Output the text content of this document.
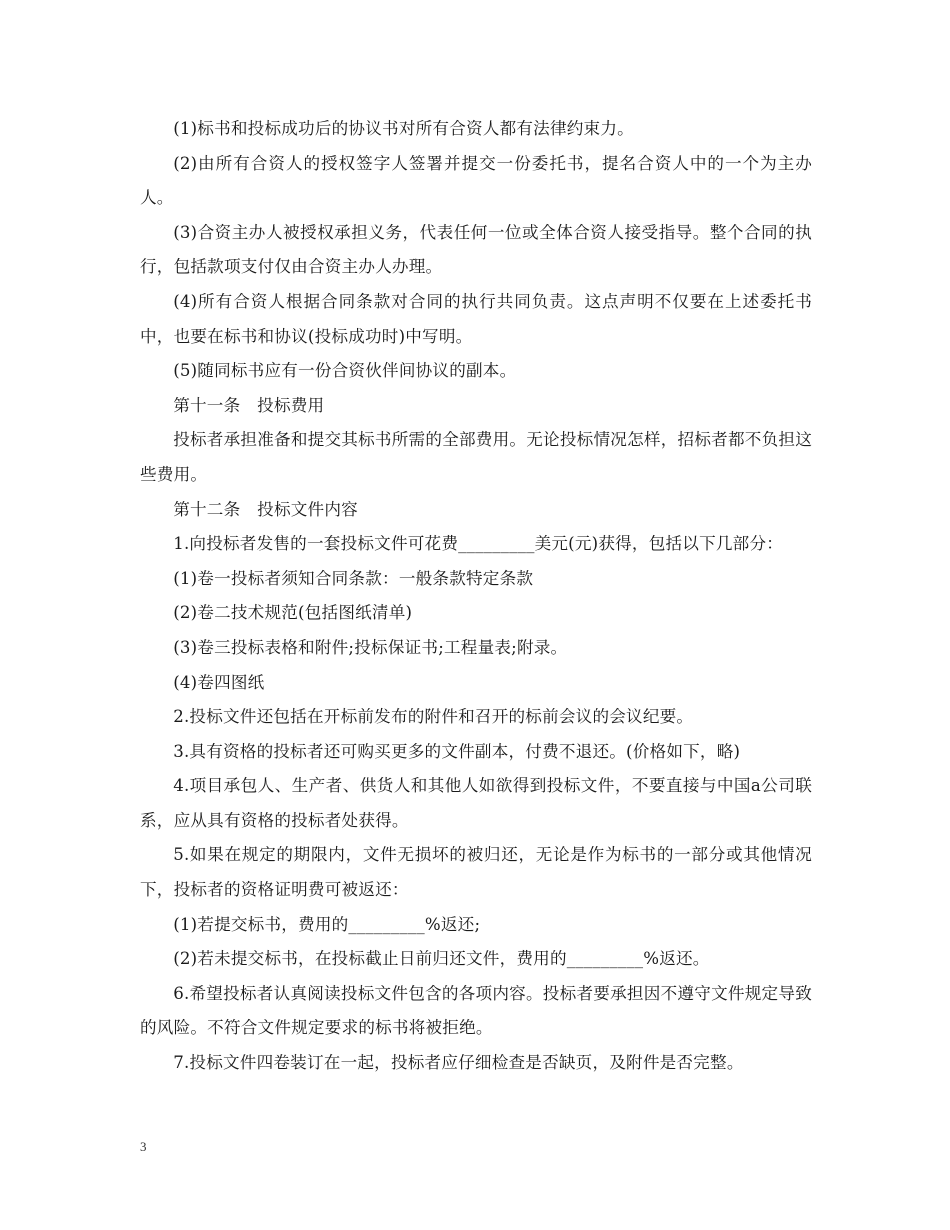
(1)标书和投标成功后的协议书对所有合资人都有法律约束力。

(2)由所有合资人的授权签字人签署并提交一份委托书，提名合资人中的一个为主办人。

(3)合资主办人被授权承担义务，代表任何一位或全体合资人接受指导。整个合同的执行，包括款项支付仅由合资主办人办理。

(4)所有合资人根据合同条款对合同的执行共同负责。这点声明不仅要在上述委托书中，也要在标书和协议(投标成功时)中写明。

(5)随同标书应有一份合资伙伴间协议的副本。

第十一条　投标费用

投标者承担准备和提交其标书所需的全部费用。无论投标情况怎样，招标者都不负担这些费用。

第十二条　投标文件内容

1.向投标者发售的一套投标文件可花费_________美元(元)获得，包括以下几部分：

(1)卷一投标者须知合同条款：一般条款特定条款

(2)卷二技术规范(包括图纸清单)

(3)卷三投标表格和附件;投标保证书;工程量表;附录。

(4)卷四图纸

2.投标文件还包括在开标前发布的附件和召开的标前会议的会议纪要。

3.具有资格的投标者还可购买更多的文件副本，付费不退还。(价格如下，略)

4.项目承包人、生产者、供货人和其他人如欲得到投标文件，不要直接与中国a公司联系，应从具有资格的投标者处获得。

5.如果在规定的期限内，文件无损坏的被归还，无论是作为标书的一部分或其他情况下，投标者的资格证明费可被返还：

(1)若提交标书，费用的_________%返还;

(2)若未提交标书，在投标截止日前归还文件，费用的_________%返还。

6.希望投标者认真阅读投标文件包含的各项内容。投标者要承担因不遵守文件规定导致的风险。不符合文件规定要求的标书将被拒绝。

7.投标文件四卷装订在一起，投标者应仔细检查是否缺页，及附件是否完整。

3
